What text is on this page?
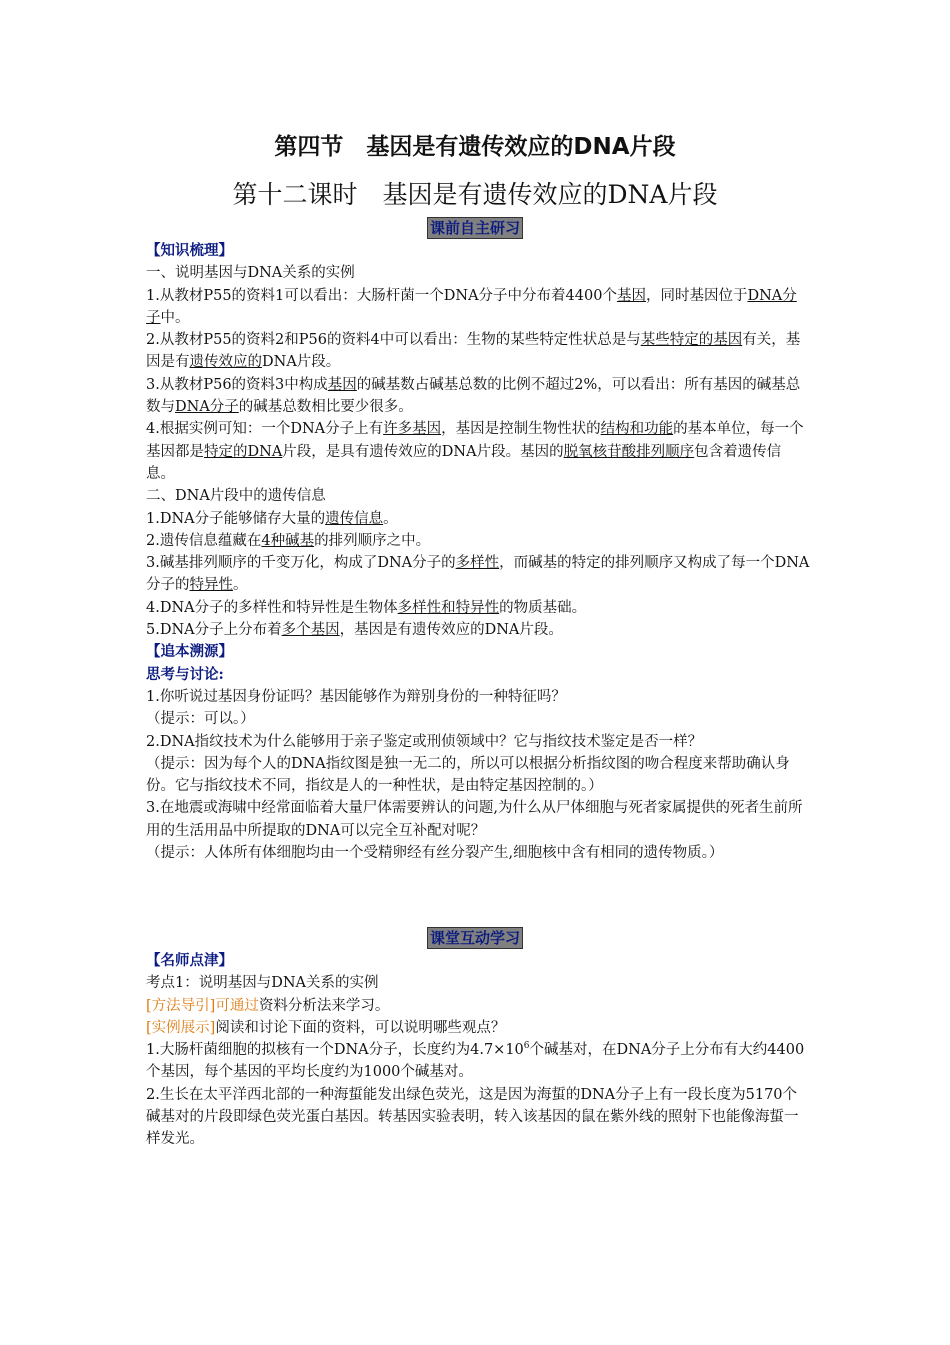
第四节　基因是有遗传效应的DNA片段
第十二课时　基因是有遗传效应的DNA片段
课前自主研习

【知识梳理】

一、说明基因与DNA关系的实例

1.从教材P55的资料1可以看出：大肠杆菌一个DNA分子中分布着4400个基因，同时基因位于DNA分子中。

2.从教材P55的资料2和P56的资料4中可以看出：生物的某些特定性状总是与某些特定的基因有关，基因是有遗传效应的DNA片段。

3.从教材P56的资料3中构成基因的碱基数占碱基总数的比例不超过2%，可以看出：所有基因的碱基总数与DNA分子的碱基总数相比要少很多。

4.根据实例可知：一个DNA分子上有许多基因，基因是控制生物性状的结构和功能的基本单位，每一个基因都是特定的DNA片段，是具有遗传效应的DNA片段。基因的脱氧核苷酸排列顺序包含着遗传信息。

二、DNA片段中的遗传信息

1.DNA分子能够储存大量的遗传信息。

2.遗传信息蕴藏在4种碱基的排列顺序之中。

3.碱基排列顺序的千变万化，构成了DNA分子的多样性，而碱基的特定的排列顺序又构成了每一个DNA分子的特异性。

4.DNA分子的多样性和特异性是生物体多样性和特异性的物质基础。

5.DNA分子上分布着多个基因，基因是有遗传效应的DNA片段。

【追本溯源】

思考与讨论:

1.你听说过基因身份证吗？基因能够作为辩别身份的一种特征吗？

（提示：可以。）

2.DNA指纹技术为什么能够用于亲子鉴定或刑侦领域中？它与指纹技术鉴定是否一样？

（提示：因为每个人的DNA指纹图是独一无二的，所以可以根据分析指纹图的吻合程度来帮助确认身份。它与指纹技术不同，指纹是人的一种性状，是由特定基因控制的。）

3.在地震或海啸中经常面临着大量尸体需要辨认的问题,为什么从尸体细胞与死者家属提供的死者生前所用的生活用品中所提取的DNA可以完全互补配对呢？

（提示：人体所有体细胞均由一个受精卵经有丝分裂产生,细胞核中含有相同的遗传物质。）

课堂互动学习

【名师点津】

考点1：说明基因与DNA关系的实例

[方法导引]可通过资料分析法来学习。

[实例展示]阅读和讨论下面的资料，可以说明哪些观点？

1.大肠杆菌细胞的拟核有一个DNA分子，长度约为$4.7\times 10^6$个碱基对，在DNA分子上分布有大约4400个基因，每个基因的平均长度约为1000个碱基对。

2.生长在太平洋西北部的一种海蜇能发出绿色荧光，这是因为海蜇的DNA分子上有一段长度为5170个碱基对的片段即绿色荧光蛋白基因。转基因实验表明，转入该基因的鼠在紫外线的照射下也能像海蜇一样发光。
